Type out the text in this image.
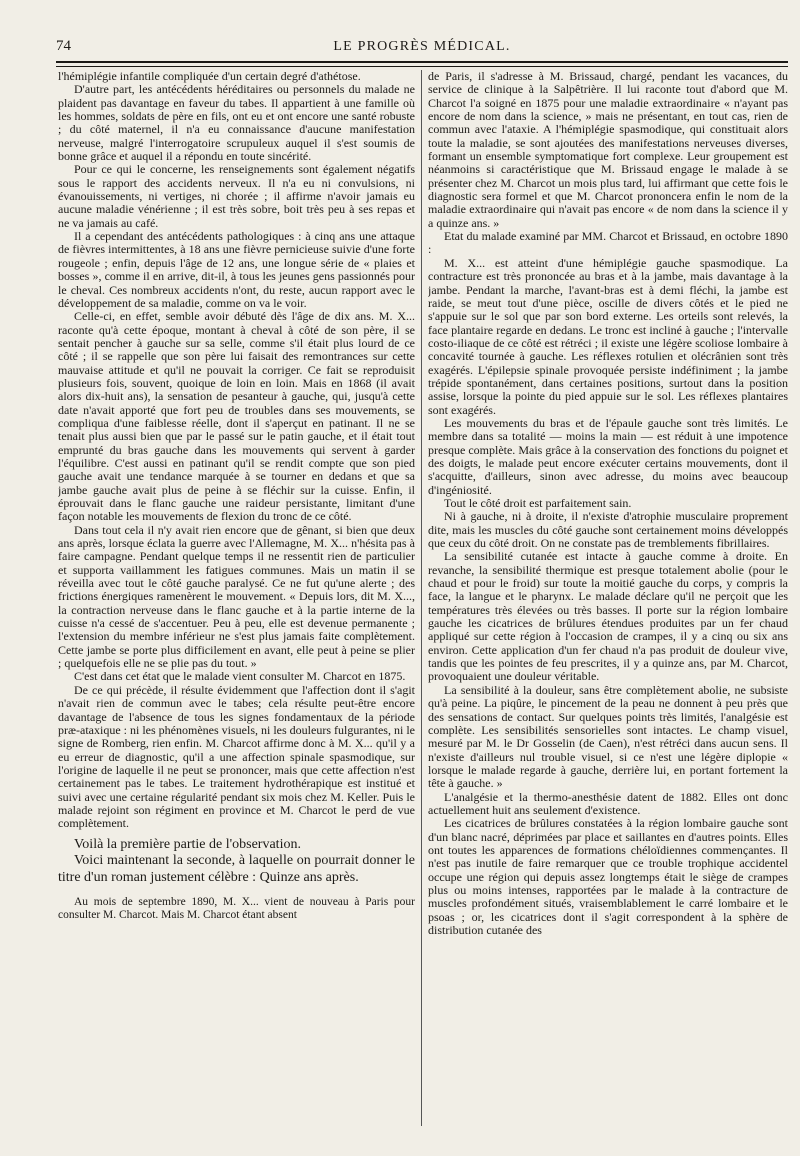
74	LE PROGRÈS MÉDICAL.

l'hémiplégie infantile compliquée d'un certain degré d'athétose.

D'autre part, les antécédents héréditaires ou personnels du malade ne plaident pas davantage en faveur du tabes. Il appartient à une famille où les hommes, soldats de père en fils, ont eu et ont encore une santé robuste ; du côté maternel, il n'a eu connaissance d'aucune manifestation nerveuse, malgré l'interrogatoire scrupuleux auquel il s'est soumis de bonne grâce et auquel il a répondu en toute sincérité.

Pour ce qui le concerne, les renseignements sont également négatifs sous le rapport des accidents nerveux. Il n'a eu ni convulsions, ni évanouissements, ni vertiges, ni chorée ; il affirme n'avoir jamais eu aucune maladie vénérienne ; il est très sobre, boit très peu à ses repas et ne va jamais au café.

Il a cependant des antécédents pathologiques : à cinq ans une attaque de fièvres intermittentes, à 18 ans une fièvre pernicieuse suivie d'une forte rougeole ; enfin, depuis l'âge de 12 ans, une longue série de « plaies et bosses », comme il en arrive, dit-il, à tous les jeunes gens passionnés pour le cheval. Ces nombreux accidents n'ont, du reste, aucun rapport avec le développement de sa maladie, comme on va le voir.

Celle-ci, en effet, semble avoir débuté dès l'âge de dix ans. M. X... raconte qu'à cette époque, montant à cheval à côté de son père, il se sentait pencher à gauche sur sa selle, comme s'il était plus lourd de ce côté ; il se rappelle que son père lui faisait des remontrances sur cette mauvaise attitude et qu'il ne pouvait la corriger. Ce fait se reproduisit plusieurs fois, souvent, quoique de loin en loin. Mais en 1868 (il avait alors dix-huit ans), la sensation de pesanteur à gauche, qui, jusqu'à cette date n'avait apporté que fort peu de troubles dans ses mouvements, se compliqua d'une faiblesse réelle, dont il s'aperçut en patinant. Il ne se tenait plus aussi bien que par le passé sur le patin gauche, et il était tout emprunté du bras gauche dans les mouvements qui servent à garder l'équilibre. C'est aussi en patinant qu'il se rendit compte que son pied gauche avait une tendance marquée à se tourner en dedans et que sa jambe gauche avait plus de peine à se fléchir sur la cuisse. Enfin, il éprouvait dans le flanc gauche une raideur persistante, limitant d'une façon notable les mouvements de flexion du tronc de ce côté.

Dans tout cela il n'y avait rien encore que de gênant, si bien que deux ans après, lorsque éclata la guerre avec l'Allemagne, M. X... n'hésita pas à faire campagne. Pendant quelque temps il ne ressentit rien de particulier et supporta vaillamment les fatigues communes. Mais un matin il se réveilla avec tout le côté gauche paralysé. Ce ne fut qu'une alerte ; des frictions énergiques ramenèrent le mouvement. « Depuis lors, dit M. X..., la contraction nerveuse dans le flanc gauche et à la partie interne de la cuisse n'a cessé de s'accentuer. Peu à peu, elle est devenue permanente ; l'extension du membre inférieur ne s'est plus jamais faite complètement. Cette jambe se porte plus difficilement en avant, elle peut à peine se plier ; quelquefois elle ne se plie pas du tout. »

C'est dans cet état que le malade vient consulter M. Charcot en 1875.

De ce qui précède, il résulte évidemment que l'affection dont il s'agit n'avait rien de commun avec le tabes; cela résulte peut-être encore davantage de l'absence de tous les signes fondamentaux de la période præ-ataxique : ni les phénomènes visuels, ni les douleurs fulgurantes, ni le signe de Romberg, rien enfin. M. Charcot affirme donc à M. X... qu'il y a eu erreur de diagnostic, qu'il a une affection spinale spasmodique, sur l'origine de laquelle il ne peut se prononcer, mais que cette affection n'est certainement pas le tabes. Le traitement hydrothérapique est institué et suivi avec une certaine régularité pendant six mois chez M. Keller. Puis le malade rejoint son régiment en province et M. Charcot le perd de vue complètement.

Voilà la première partie de l'observation.

Voici maintenant la seconde, à laquelle on pourrait donner le titre d'un roman justement célèbre : Quinze ans après.

Au mois de septembre 1890, M. X... vient de nouveau à Paris pour consulter M. Charcot. Mais M. Charcot étant absent

de Paris, il s'adresse à M. Brissaud, chargé, pendant les vacances, du service de clinique à la Salpêtrière. Il lui raconte tout d'abord que M. Charcot l'a soigné en 1875 pour une maladie extraordinaire « n'ayant pas encore de nom dans la science, » mais ne présentant, en tout cas, rien de commun avec l'ataxie. A l'hémiplégie spasmodique, qui constituait alors toute la maladie, se sont ajoutées des manifestations nerveuses diverses, formant un ensemble symptomatique fort complexe. Leur groupement est néanmoins si caractéristique que M. Brissaud engage le malade à se présenter chez M. Charcot un mois plus tard, lui affirmant que cette fois le diagnostic sera formel et que M. Charcot prononcera enfin le nom de la maladie extraordinaire qui n'avait pas encore « de nom dans la science il y a quinze ans. »

Etat du malade examiné par MM. Charcot et Brissaud, en octobre 1890 :

M. X... est atteint d'une hémiplégie gauche spasmodique. La contracture est très prononcée au bras et à la jambe, mais davantage à la jambe. Pendant la marche, l'avant-bras est à demi fléchi, la jambe est raide, se meut tout d'une pièce, oscille de divers côtés et le pied ne s'appuie sur le sol que par son bord externe. Les orteils sont relevés, la face plantaire regarde en dedans. Le tronc est incliné à gauche ; l'intervalle costo-iliaque de ce côté est rétréci ; il existe une légère scoliose lombaire à concavité tournée à gauche. Les réflexes rotulien et olécrânien sont très exagérés. L'épilepsie spinale provoquée persiste indéfiniment ; la jambe trépide spontanément, dans certaines positions, surtout dans la position assise, lorsque la pointe du pied appuie sur le sol. Les réflexes plantaires sont exagérés.

Les mouvements du bras et de l'épaule gauche sont très limités. Le membre dans sa totalité — moins la main — est réduit à une impotence presque complète. Mais grâce à la conservation des fonctions du poignet et des doigts, le malade peut encore exécuter certains mouvements, dont il s'acquitte, d'ailleurs, sinon avec adresse, du moins avec beaucoup d'ingéniosité.

Tout le côté droit est parfaitement sain.

Ni à gauche, ni à droite, il n'existe d'atrophie musculaire proprement dite, mais les muscles du côté gauche sont certainement moins développés que ceux du côté droit. On ne constate pas de tremblements fibrillaires.

La sensibilité cutanée est intacte à gauche comme à droite. En revanche, la sensibilité thermique est presque totalement abolie (pour le chaud et pour le froid) sur toute la moitié gauche du corps, y compris la face, la langue et le pharynx. Le malade déclare qu'il ne perçoit que les températures très élevées ou très basses. Il porte sur la région lombaire gauche les cicatrices de brûlures étendues produites par un fer chaud appliqué sur cette région à l'occasion de crampes, il y a cinq ou six ans environ. Cette application d'un fer chaud n'a pas produit de douleur vive, tandis que les pointes de feu prescrites, il y a quinze ans, par M. Charcot, provoquaient une douleur véritable.

La sensibilité à la douleur, sans être complètement abolie, ne subsiste qu'à peine. La piqûre, le pincement de la peau ne donnent à peu près que des sensations de contact. Sur quelques points très limités, l'analgésie est complète. Les sensibilités sensorielles sont intactes. Le champ visuel, mesuré par M. le Dr Gosselin (de Caen), n'est rétréci dans aucun sens. Il n'existe d'ailleurs nul trouble visuel, si ce n'est une légère diplopie « lorsque le malade regarde à gauche, derrière lui, en portant fortement la tête à gauche. »

L'analgésie et la thermo-anesthésie datent de 1882. Elles ont donc actuellement huit ans seulement d'existence.

Les cicatrices de brûlures constatées à la région lombaire gauche sont d'un blanc nacré, déprimées par place et saillantes en d'autres points. Elles ont toutes les apparences de formations chéloïdiennes commençantes. Il n'est pas inutile de faire remarquer que ce trouble trophique accidentel occupe une région qui depuis assez longtemps était le siège de crampes plus ou moins intenses, rapportées par le malade à la contracture de muscles profondément situés, vraisemblablement le carré lombaire et le psoas ; or, les cicatrices dont il s'agit correspondent à la sphère de distribution cutanée des
